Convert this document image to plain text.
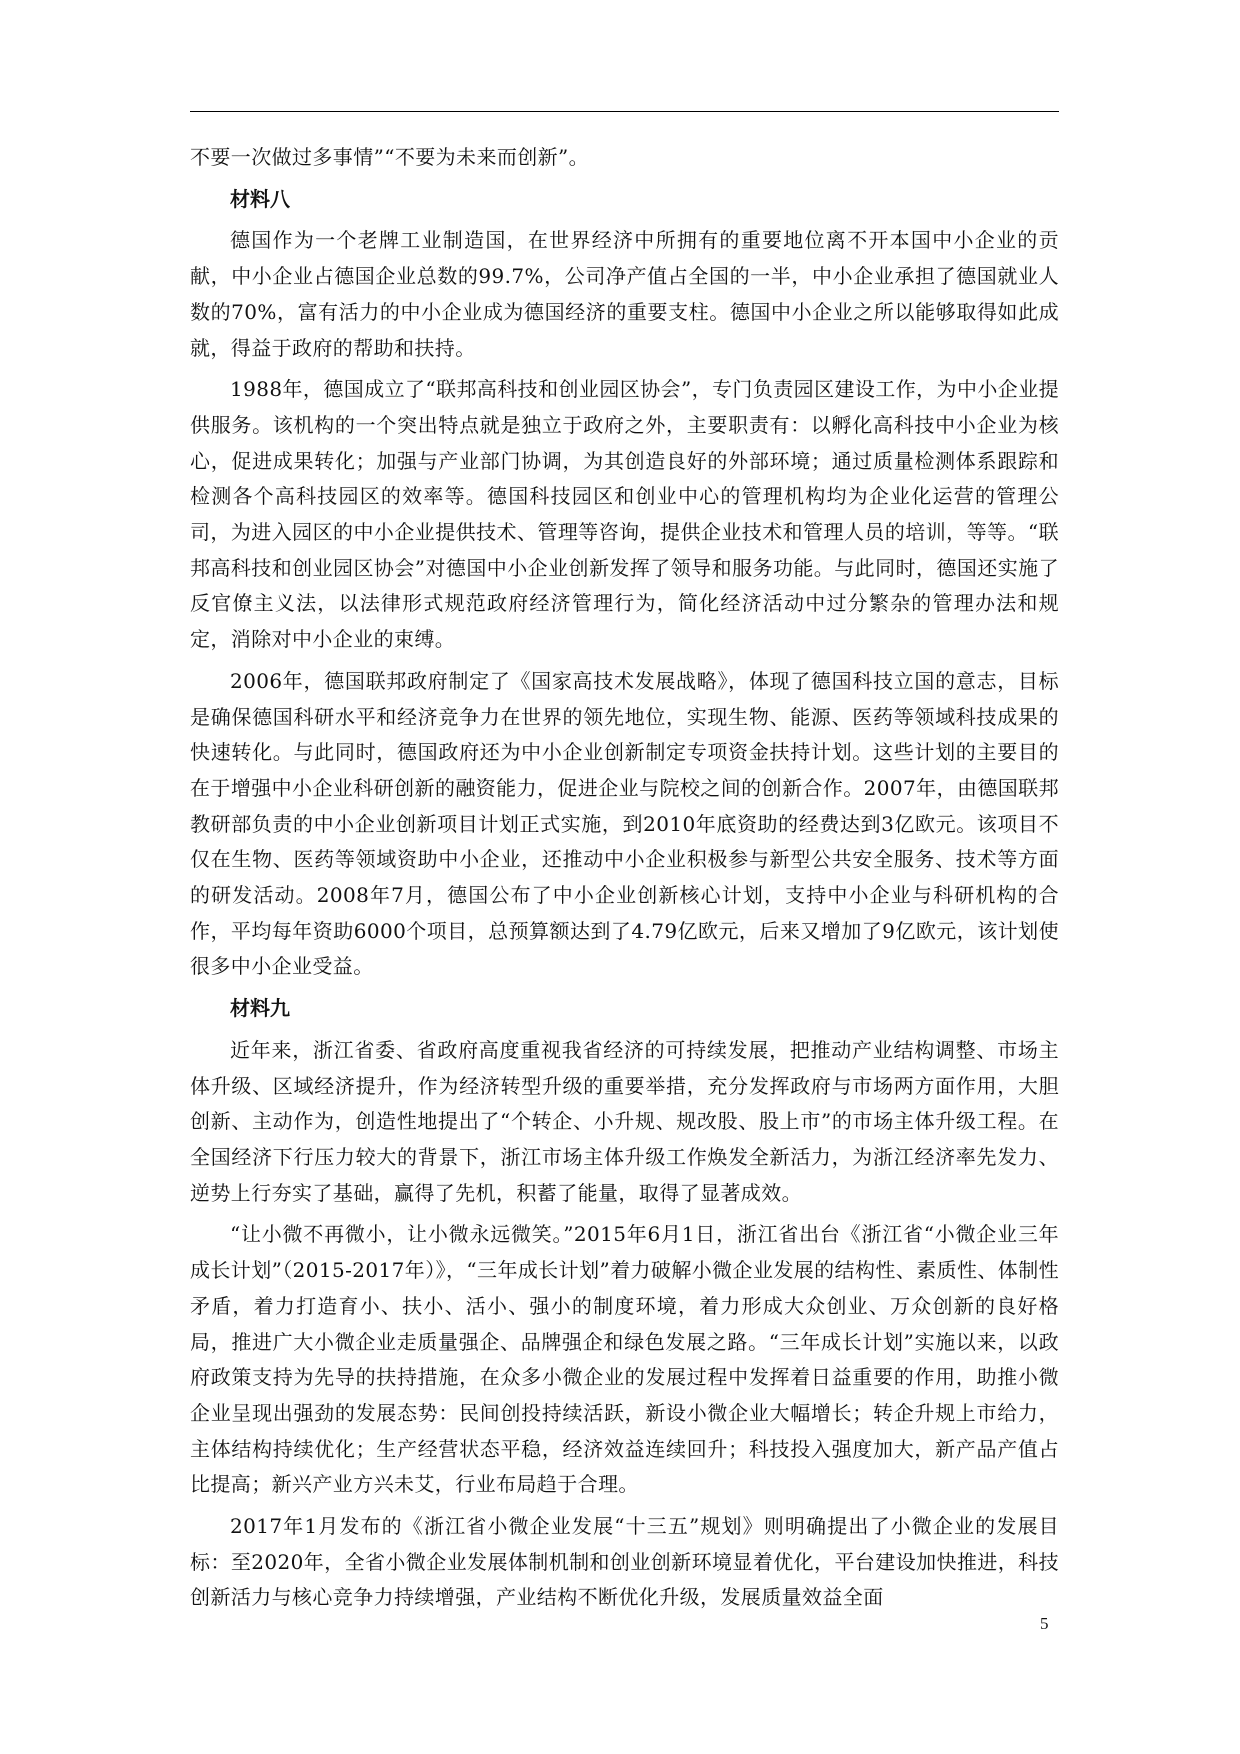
不要一次做过多事情”“不要为未来而创新”。

材料八

德国作为一个老牌工业制造国，在世界经济中所拥有的重要地位离不开本国中小企业的贡献，中小企业占德国企业总数的99.7%，公司净产值占全国的一半，中小企业承担了德国就业人数的70%，富有活力的中小企业成为德国经济的重要支柱。德国中小企业之所以能够取得如此成就，得益于政府的帮助和扶持。

1988年，德国成立了“联邦高科技和创业园区协会”，专门负责园区建设工作，为中小企业提供服务。该机构的一个突出特点就是独立于政府之外，主要职责有：以孵化高科技中小企业为核心，促进成果转化；加强与产业部门协调，为其创造良好的外部环境；通过质量检测体系跟踪和检测各个高科技园区的效率等。德国科技园区和创业中心的管理机构均为企业化运营的管理公司，为进入园区的中小企业提供技术、管理等咨询，提供企业技术和管理人员的培训，等等。“联邦高科技和创业园区协会”对德国中小企业创新发挥了领导和服务功能。与此同时，德国还实施了反官僚主义法，以法律形式规范政府经济管理行为，简化经济活动中过分繁杂的管理办法和规定，消除对中小企业的束缚。

2006年，德国联邦政府制定了《国家高技术发展战略》，体现了德国科技立国的意志，目标是确保德国科研水平和经济竞争力在世界的领先地位，实现生物、能源、医药等领域科技成果的快速转化。与此同时，德国政府还为中小企业创新制定专项资金扶持计划。这些计划的主要目的在于增强中小企业科研创新的融资能力，促进企业与院校之间的创新合作。2007年，由德国联邦教研部负责的中小企业创新项目计划正式实施，到2010年底资助的经费达到3亿欧元。该项目不仅在生物、医药等领域资助中小企业，还推动中小企业积极参与新型公共安全服务、技术等方面的研发活动。2008年7月，德国公布了中小企业创新核心计划，支持中小企业与科研机构的合作，平均每年资助6000个项目，总预算额达到了4.79亿欧元，后来又增加了9亿欧元，该计划使很多中小企业受益。

材料九

近年来，浙江省委、省政府高度重视我省经济的可持续发展，把推动产业结构调整、市场主体升级、区域经济提升，作为经济转型升级的重要举措，充分发挥政府与市场两方面作用，大胆创新、主动作为，创造性地提出了“个转企、小升规、规改股、股上市”的市场主体升级工程。在全国经济下行压力较大的背景下，浙江市场主体升级工作焕发全新活力，为浙江经济率先发力、逆势上行夯实了基础，赢得了先机，积蓄了能量，取得了显著成效。

“让小微不再微小，让小微永远微笑。”2015年6月1日，浙江省出台《浙江省“小微企业三年成长计划”（2015-2017年）》，“三年成长计划”着力破解小微企业发展的结构性、素质性、体制性矛盾，着力打造育小、扶小、活小、强小的制度环境，着力形成大众创业、万众创新的良好格局，推进广大小微企业走质量强企、品牌强企和绿色发展之路。“三年成长计划”实施以来，以政府政策支持为先导的扶持措施，在众多小微企业的发展过程中发挥着日益重要的作用，助推小微企业呈现出强劲的发展态势：民间创投持续活跃，新设小微企业大幅增长；转企升规上市给力，主体结构持续优化；生产经营状态平稳，经济效益连续回升；科技投入强度加大，新产品产值占比提高；新兴产业方兴未艾，行业布局趋于合理。

2017年1月发布的《浙江省小微企业发展“十三五”规划》则明确提出了小微企业的发展目标：至2020年，全省小微企业发展体制机制和创业创新环境显着优化，平台建设加快推进，科技创新活力与核心竞争力持续增强，产业结构不断优化升级，发展质量效益全面

5
